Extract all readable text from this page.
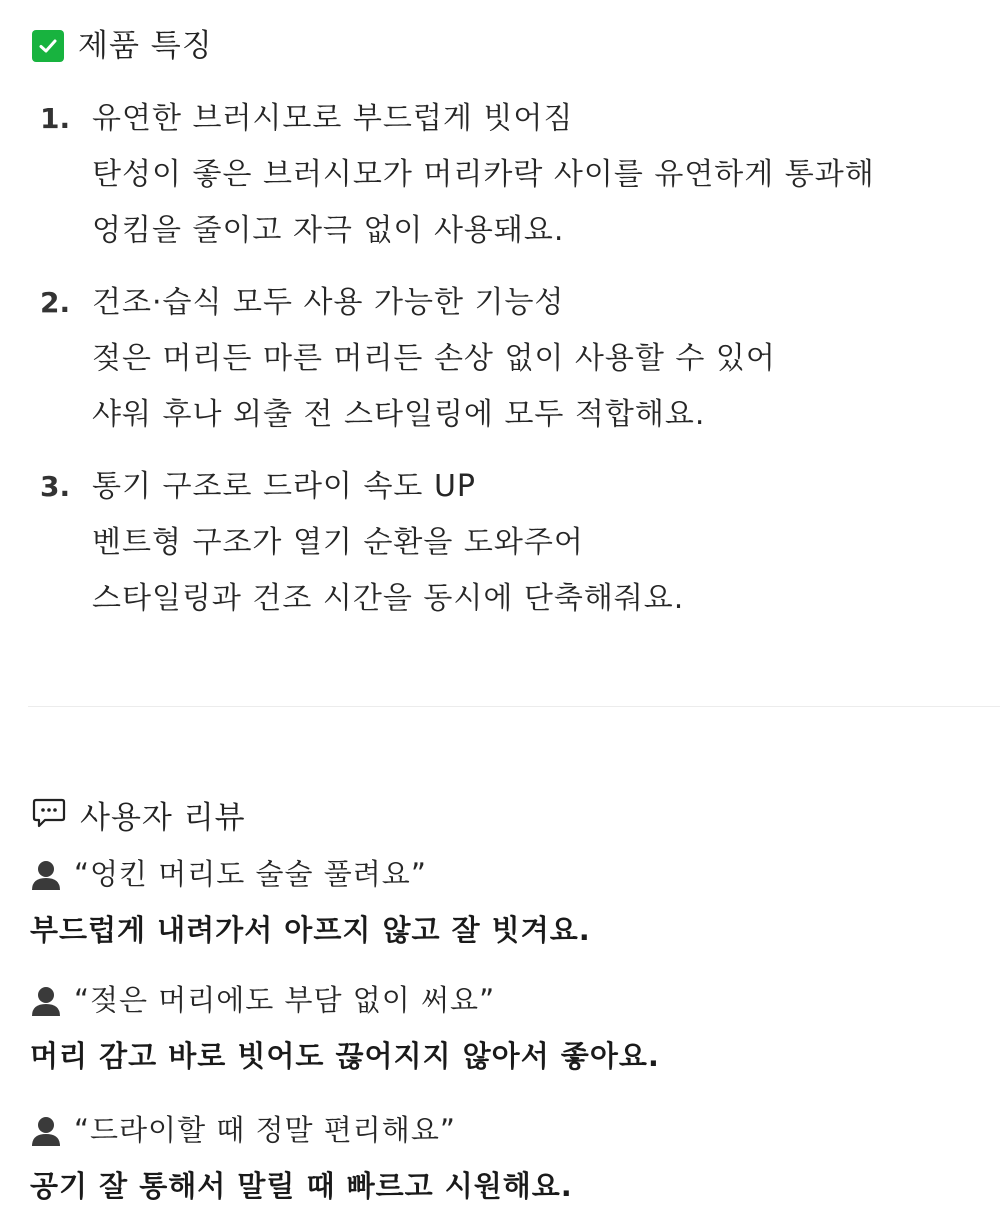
제품 특징
1. 유연한 브러시모로 부드럽게 빗어짐
탄성이 좋은 브러시모가 머리카락 사이를 유연하게 통과해
엉킴을 줄이고 자극 없이 사용돼요.
2. 건조·습식 모두 사용 가능한 기능성
젖은 머리든 마른 머리든 손상 없이 사용할 수 있어
샤워 후나 외출 전 스타일링에 모두 적합해요.
3. 통기 구조로 드라이 속도 UP
벤트형 구조가 열기 순환을 도와주어
스타일링과 건조 시간을 동시에 단축해줘요.
사용자 리뷰
“엉킨 머리도 술술 풀려요”
부드럽게 내려가서 아프지 않고 잘 빗겨요.
“젖은 머리에도 부담 없이 써요”
머리 감고 바로 빗어도 끊어지지 않아서 좋아요.
“드라이할 때 정말 편리해요”
공기 잘 통해서 말릴 때 빠르고 시원해요.
